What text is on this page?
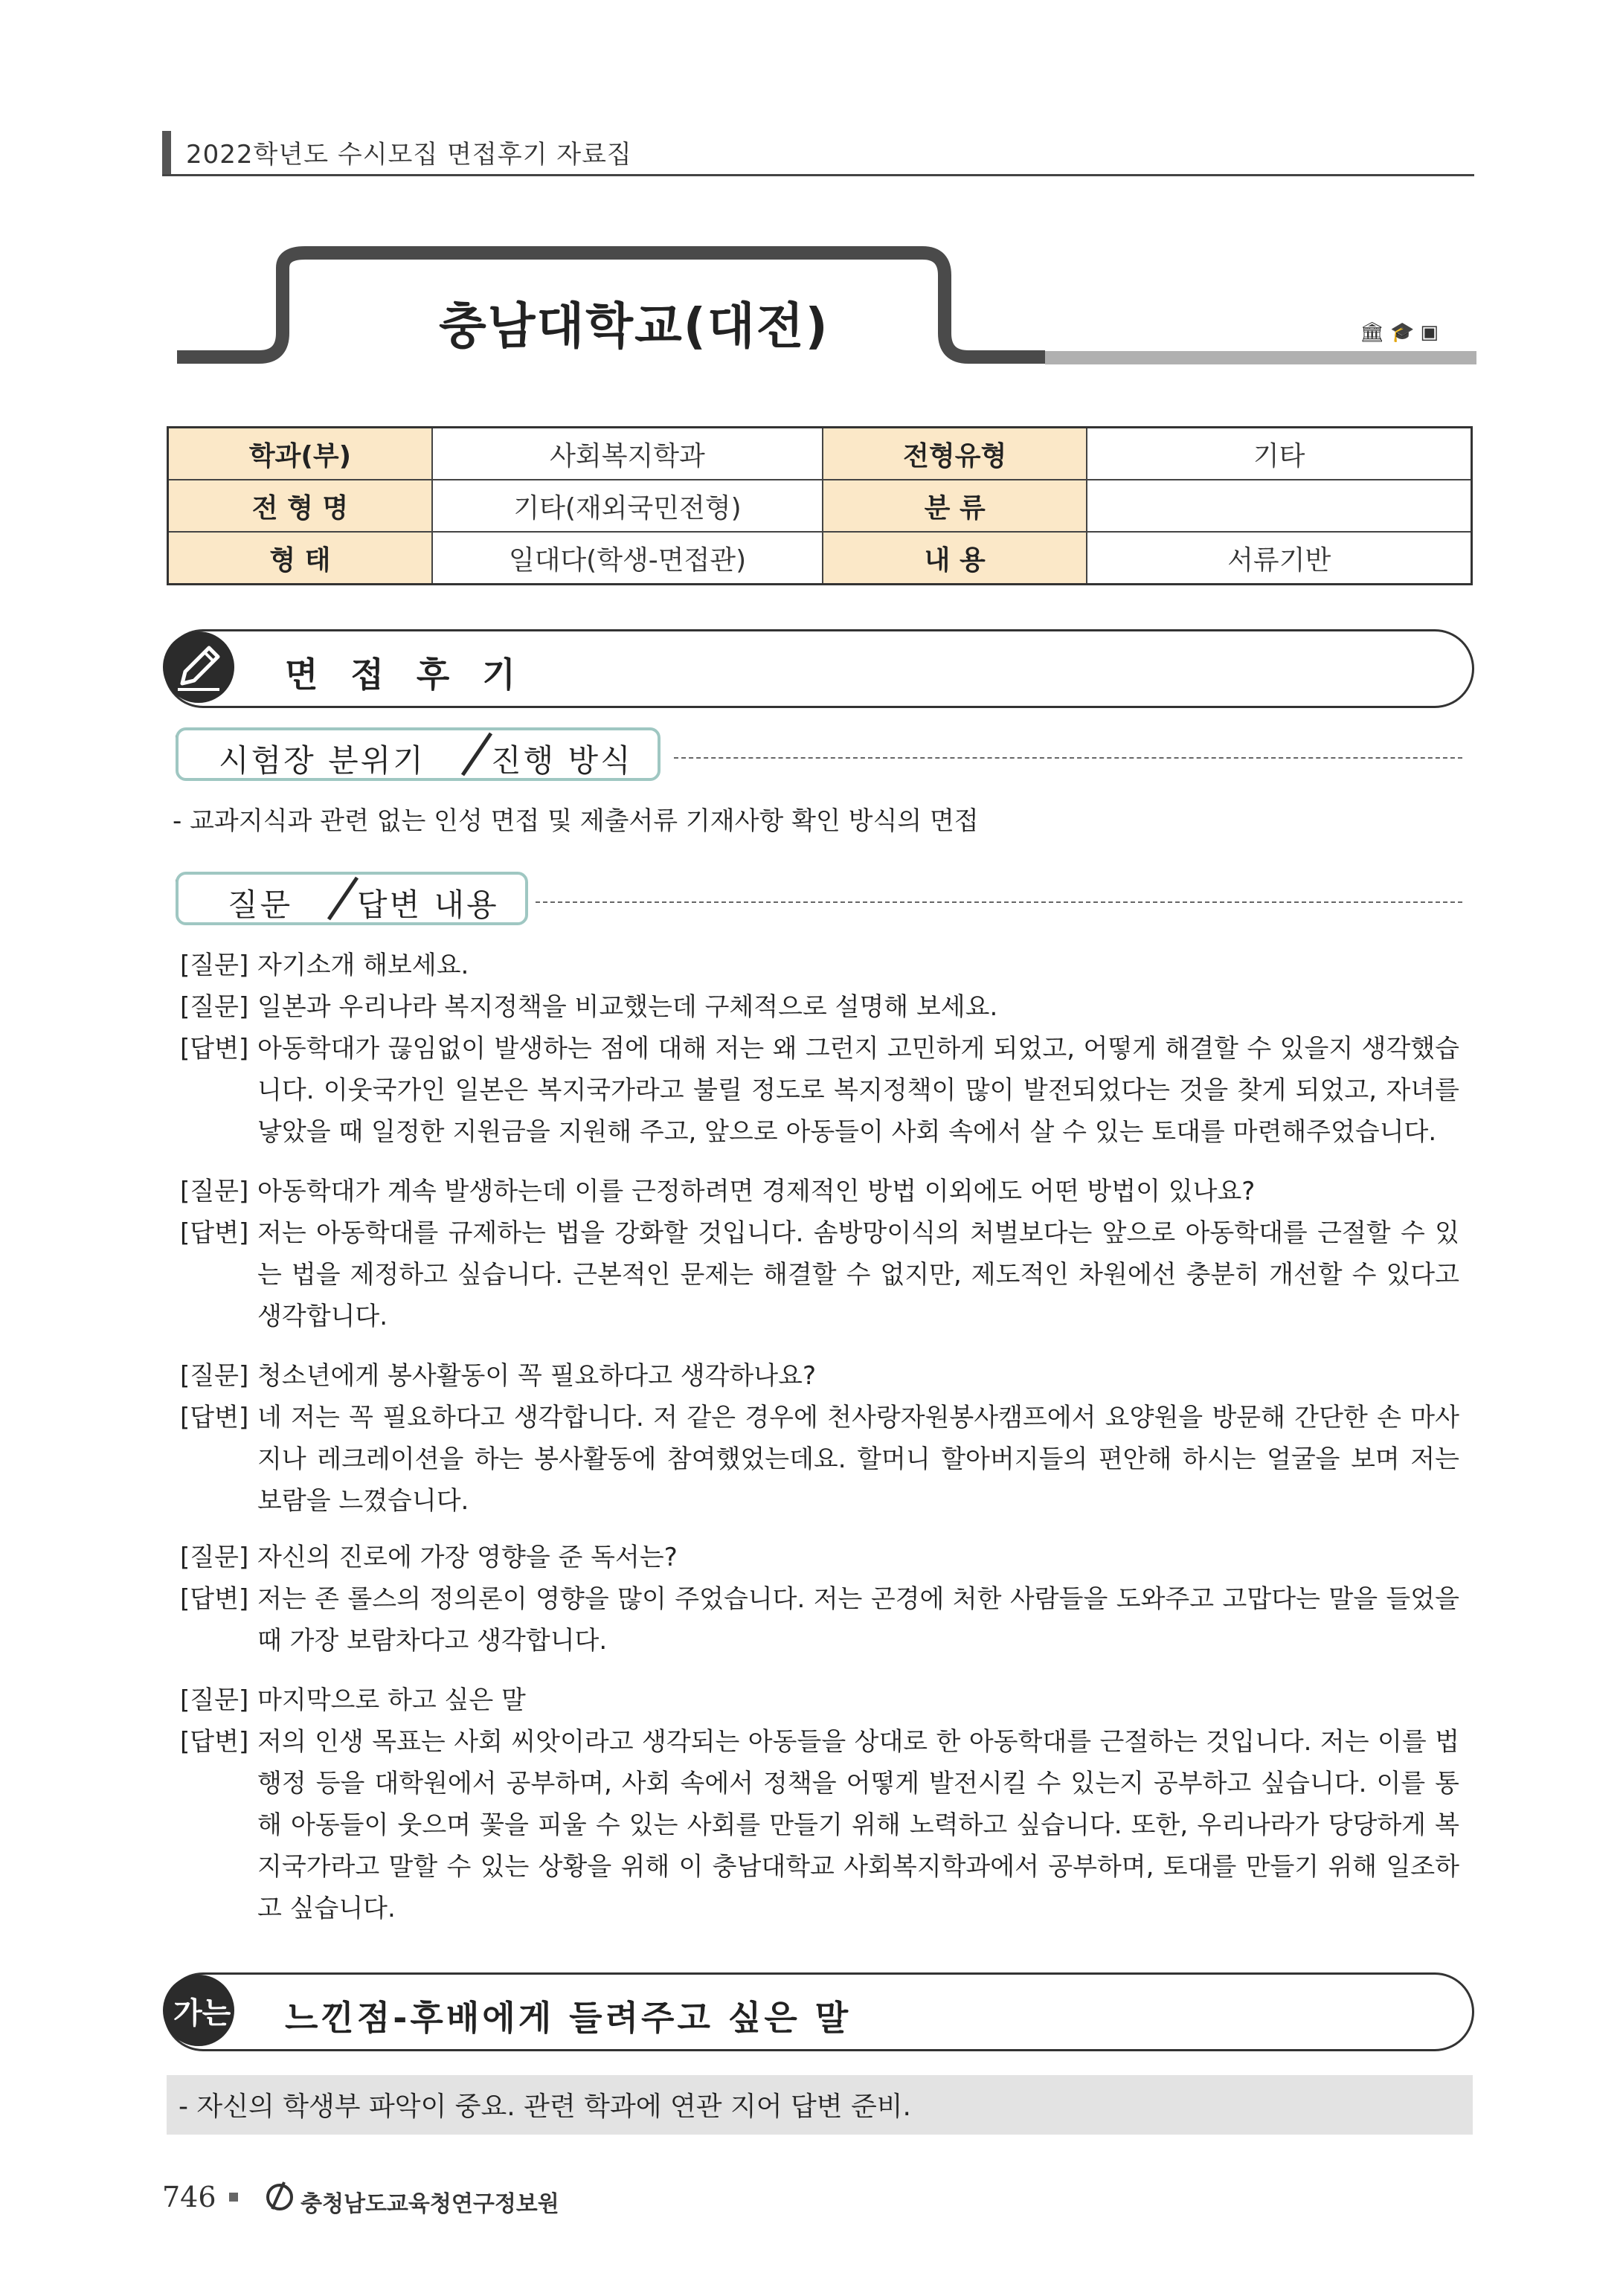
2022학년도 수시모집 면접후기 자료집
충남대학교(대전)	🏛🎓▣
학과(부)	사회복지학과	전형유형	기타
전 형 명	기타(재외국민전형)	분 류	
형 태	일대다(학생-면접관)	내 용	서류기반
면 접 후 기
시험장 분위기 진행 방식
- 교과지식과 관련 없는 인성 면접 및 제출서류 기재사항 확인 방식의 면접
질문 답변 내용
[질문] 자기소개 해보세요.
[질문] 일본과 우리나라 복지정책을 비교했는데 구체적으로 설명해 보세요.
[답변] 아동학대가 끊임없이 발생하는 점에 대해 저는 왜 그런지 고민하게 되었고, 어떻게 해결할 수 있을지 생각했습니다. 이웃국가인 일본은 복지국가라고 불릴 정도로 복지정책이 많이 발전되었다는 것을 찾게 되었고, 자녀를 낳았을 때 일정한 지원금을 지원해 주고, 앞으로 아동들이 사회 속에서 살 수 있는 토대를 마련해주었습니다.
[질문] 아동학대가 계속 발생하는데 이를 근정하려면 경제적인 방법 이외에도 어떤 방법이 있나요?
[답변] 저는 아동학대를 규제하는 법을 강화할 것입니다. 솜방망이식의 처벌보다는 앞으로 아동학대를 근절할 수 있는 법을 제정하고 싶습니다. 근본적인 문제는 해결할 수 없지만, 제도적인 차원에선 충분히 개선할 수 있다고 생각합니다.
[질문] 청소년에게 봉사활동이 꼭 필요하다고 생각하나요?
[답변] 네 저는 꼭 필요하다고 생각합니다. 저 같은 경우에 천사랑자원봉사캠프에서 요양원을 방문해 간단한 손 마사지나 레크레이션을 하는 봉사활동에 참여했었는데요. 할머니 할아버지들의 편안해 하시는 얼굴을 보며 저는 보람을 느꼈습니다.
[질문] 자신의 진로에 가장 영향을 준 독서는?
[답변] 저는 존 롤스의 정의론이 영향을 많이 주었습니다. 저는 곤경에 처한 사람들을 도와주고 고맙다는 말을 들었을 때 가장 보람차다고 생각합니다.
[질문] 마지막으로 하고 싶은 말
[답변] 저의 인생 목표는 사회 씨앗이라고 생각되는 아동들을 상대로 한 아동학대를 근절하는 것입니다. 저는 이를 법 행정 등을 대학원에서 공부하며, 사회 속에서 정책을 어떻게 발전시킬 수 있는지 공부하고 싶습니다. 이를 통해 아동들이 웃으며 꽃을 피울 수 있는 사회를 만들기 위해 노력하고 싶습니다. 또한, 우리나라가 당당하게 복지국가라고 말할 수 있는 상황을 위해 이 충남대학교 사회복지학과에서 공부하며, 토대를 만들기 위해 일조하고 싶습니다.
가는 느낀점-후배에게 들려주고 싶은 말
- 자신의 학생부 파악이 중요. 관련 학과에 연관 지어 답변 준비.
746	충청남도교육청연구정보원
